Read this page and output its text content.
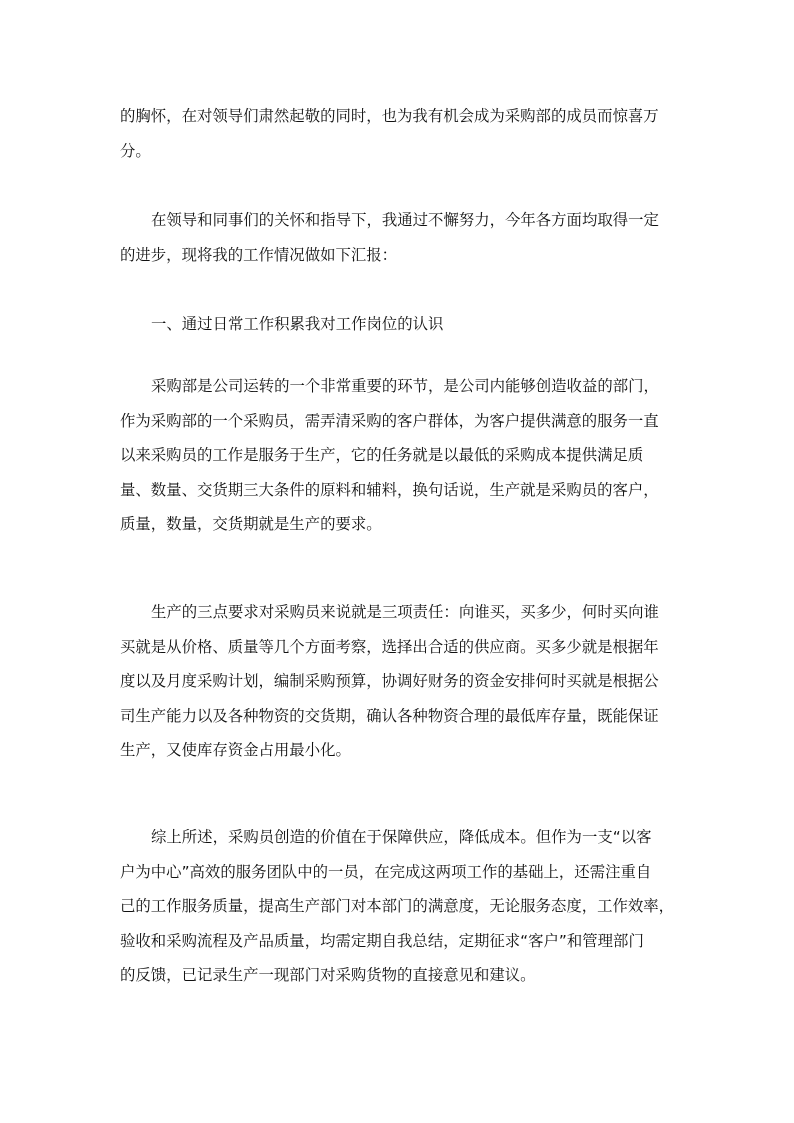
的胸怀，在对领导们肃然起敬的同时，也为我有机会成为采购部的成员而惊喜万
分。
在领导和同事们的关怀和指导下，我通过不懈努力，今年各方面均取得一定
的进步，现将我的工作情况做如下汇报：
一、通过日常工作积累我对工作岗位的认识
采购部是公司运转的一个非常重要的环节，是公司内能够创造收益的部门，
作为采购部的一个采购员，需弄清采购的客户群体，为客户提供满意的服务一直
以来采购员的工作是服务于生产，它的任务就是以最低的采购成本提供满足质
量、数量、交货期三大条件的原料和辅料，换句话说，生产就是采购员的客户，
质量，数量，交货期就是生产的要求。
生产的三点要求对采购员来说就是三项责任：向谁买，买多少，何时买向谁
买就是从价格、质量等几个方面考察，选择出合适的供应商。买多少就是根据年
度以及月度采购计划，编制采购预算，协调好财务的资金安排何时买就是根据公
司生产能力以及各种物资的交货期，确认各种物资合理的最低库存量，既能保证
生产，又使库存资金占用最小化。
综上所述，采购员创造的价值在于保障供应，降低成本。但作为一支“以客
户为中心”高效的服务团队中的一员，在完成这两项工作的基础上，还需注重自
己的工作服务质量，提高生产部门对本部门的满意度，无论服务态度，工作效率，
验收和采购流程及产品质量，均需定期自我总结，定期征求“客户”和管理部门
的反馈，已记录生产一现部门对采购货物的直接意见和建议。
